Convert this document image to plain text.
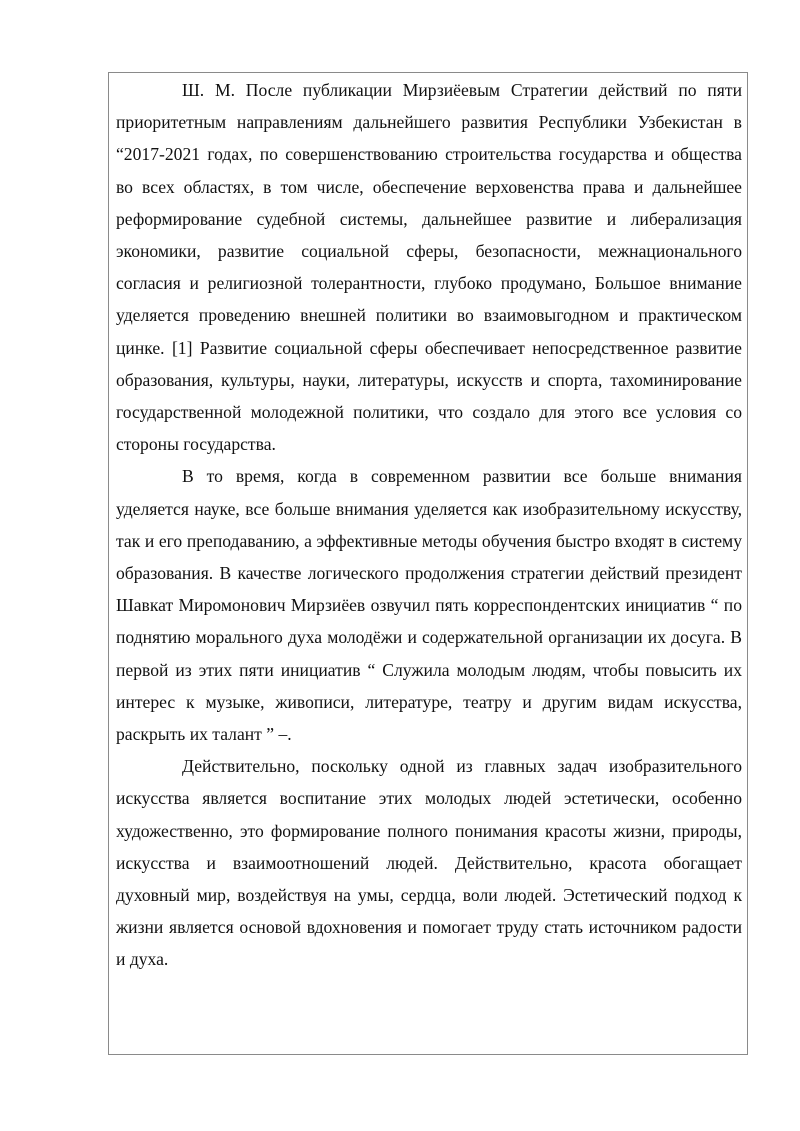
Ш. М. После публикации Мирзиёевым Стратегии действий по пяти приоритетным направлениям дальнейшего развития Республики Узбекистан в “2017-2021 годах, по совершенствованию строительства государства и общества во всех областях, в том числе, обеспечение верховенства права и дальнейшее реформирование судебной системы, дальнейшее развитие и либерализация экономики, развитие социальной сферы, безопасности, межнационального согласия и религиозной толерантности, глубоко продумано, Большое внимание уделяется проведению внешней политики во взаимовыгодном и практическом цинке. [1] Развитие социальной сферы обеспечивает непосредственное развитие образования, культуры, науки, литературы, искусств и спорта, тахоминирование государственной молодежной политики, что создало для этого все условия со стороны государства.

В то время, когда в современном развитии все больше внимания уделяется науке, все больше внимания уделяется как изобразительному искусству, так и его преподаванию, а эффективные методы обучения быстро входят в систему образования. В качестве логического продолжения стратегии действий президент Шавкат Миромонович Мирзиёев озвучил пять корреспондентских инициатив “ по поднятию морального духа молодёжи и содержательной организации их досуга. В первой из этих пяти инициатив “ Служила молодым людям, чтобы повысить их интерес к музыке, живописи, литературе, театру и другим видам искусства, раскрыть их талант ” –.

Действительно, поскольку одной из главных задач изобразительного искусства является воспитание этих молодых людей эстетически, особенно художественно, это формирование полного понимания красоты жизни, природы, искусства и взаимоотношений людей. Действительно, красота обогащает духовный мир, воздействуя на умы, сердца, воли людей. Эстетический подход к жизни является основой вдохновения и помогает труду стать источником радости и духа.
